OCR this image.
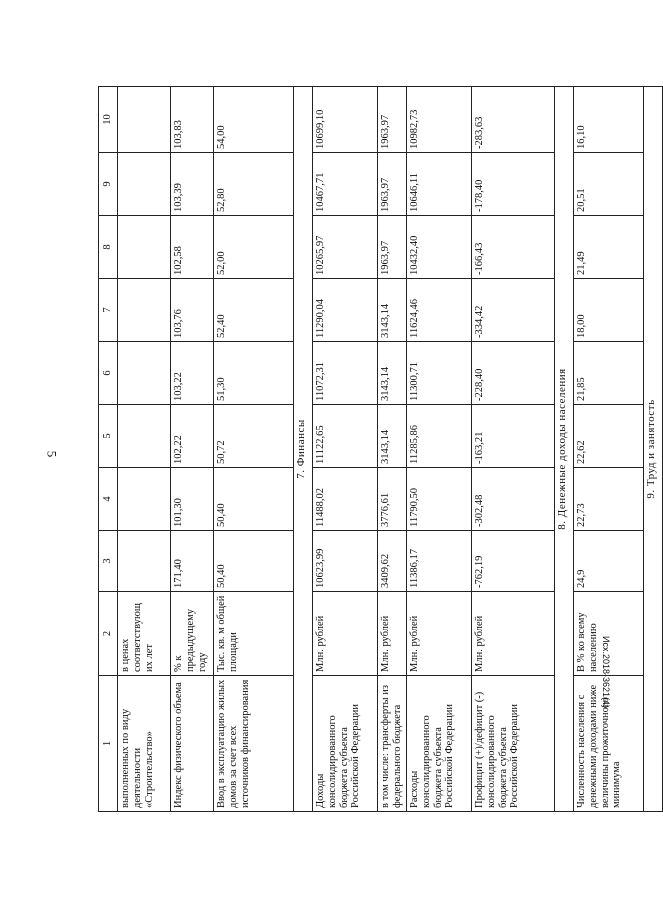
5
Исх.2018-3621(4)
1	2	3	4	5	6	7	8	9	10
выполненных по виду деятельности «Строительство»	в ценах соответствующ их лет								
Индекс физического объема	% к предыдущему году	171,40	101,30	102,22	103,22	103,76	102,58	103,39	103,83
Ввод в эксплуатацию жилых домов за счет всех источников финансирования	Тыс. кв. м общей площади	50,40	50,40	50,72	51,30	52,40	52,00	52,80	54,00
7. Финансы									
Доходы консолидированного бюджета субъекта Российской Федерации	Млн. рублей	10623,99	11488,02	11122,65	11072,31	11290,04	10265,97	10467,71	10699,10
в том числе: трансферты из федерального бюджета	Млн. рублей	3409,62	3776,61	3143,14	3143,14	3143,14	1963,97	1963,97	1963,97
Расходы консолидированного бюджета субъекта Российской Федерации	Млн. рублей	11386,17	11790,50	11285,86	11300,71	11624,46	10432,40	10646,11	10982,73
Профицит (+)/дефицит (-) консолидированного бюджета субъекта Российской Федерации	Млн. рублей	-762,19	-302,48	-163,21	-228,40	-334,42	-166,43	-178,40	-283,63
8. Денежные доходы населения									
Численность населения с денежными доходами ниже величины прожиточного минимума	В % ко всему населению	24,9	22,73	22,62	21,85	18,00	21,49	20,51	16,10
9. Труд и занятость									
